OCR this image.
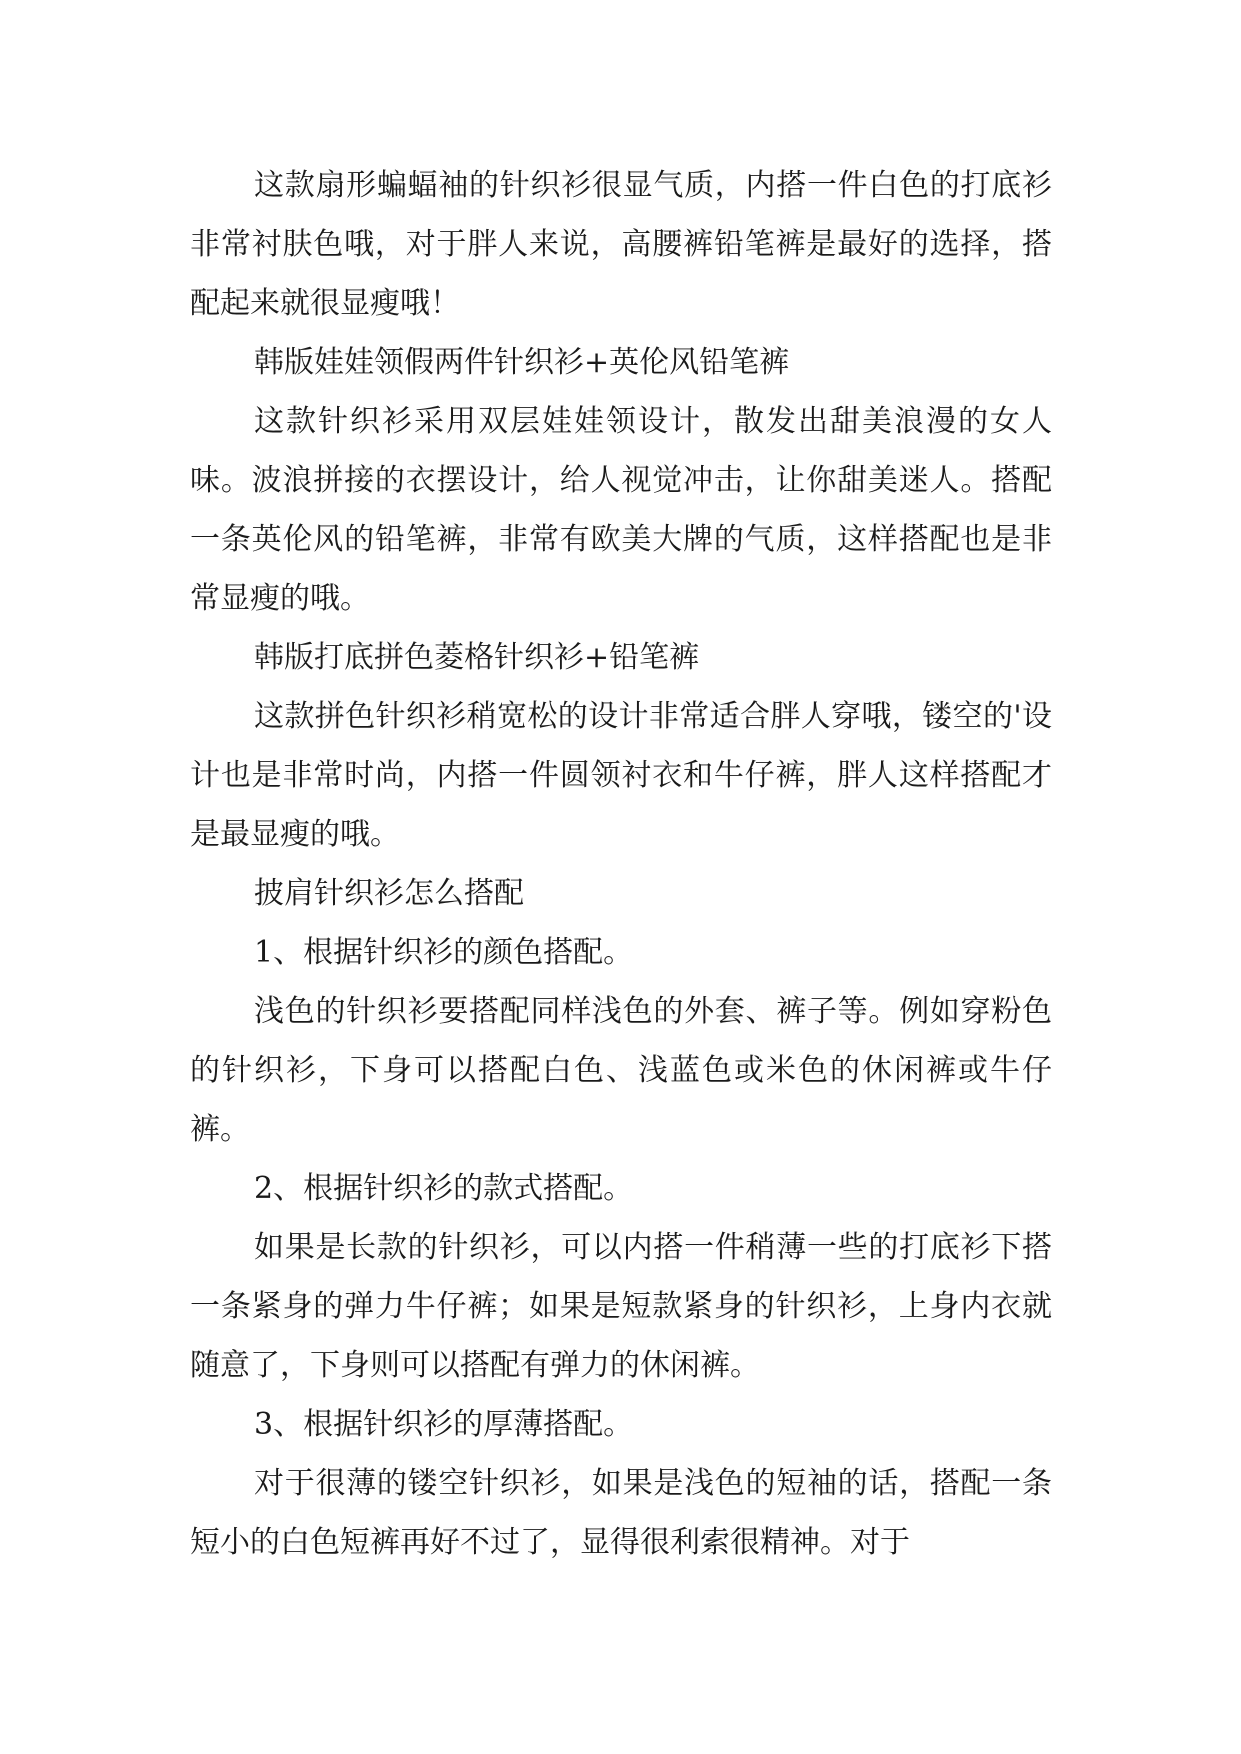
这款扇形蝙蝠袖的针织衫很显气质，内搭一件白色的打底衫非常衬肤色哦，对于胖人来说，高腰裤铅笔裤是最好的选择，搭配起来就很显瘦哦！

韩版娃娃领假两件针织衫+英伦风铅笔裤

这款针织衫采用双层娃娃领设计，散发出甜美浪漫的女人味。波浪拼接的衣摆设计，给人视觉冲击，让你甜美迷人。搭配一条英伦风的铅笔裤，非常有欧美大牌的气质，这样搭配也是非常显瘦的哦。

韩版打底拼色菱格针织衫+铅笔裤

这款拼色针织衫稍宽松的设计非常适合胖人穿哦，镂空的'设计也是非常时尚，内搭一件圆领衬衣和牛仔裤，胖人这样搭配才是最显瘦的哦。

披肩针织衫怎么搭配

1、根据针织衫的颜色搭配。

浅色的针织衫要搭配同样浅色的外套、裤子等。例如穿粉色的针织衫，下身可以搭配白色、浅蓝色或米色的休闲裤或牛仔裤。

2、根据针织衫的款式搭配。

如果是长款的针织衫，可以内搭一件稍薄一些的打底衫下搭一条紧身的弹力牛仔裤；如果是短款紧身的针织衫，上身内衣就随意了，下身则可以搭配有弹力的休闲裤。

3、根据针织衫的厚薄搭配。

对于很薄的镂空针织衫，如果是浅色的短袖的话，搭配一条短小的白色短裤再好不过了，显得很利索很精神。对于
